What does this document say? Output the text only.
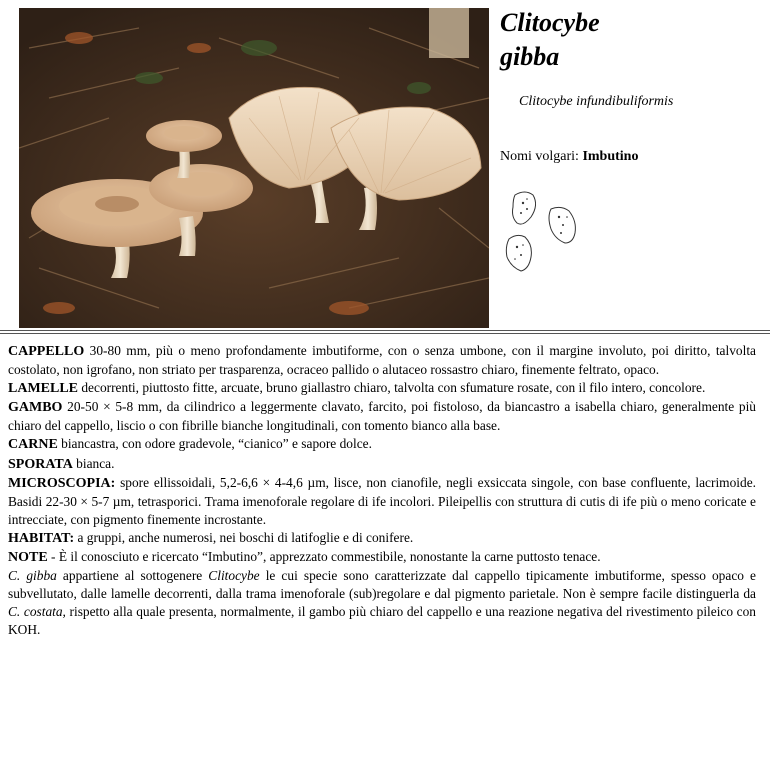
Clitocybe
gibba
Clitocybe infundibuliformis
Nomi volgari: Imbutino

CAPPELLO 30-80 mm, più o meno profondamente imbutiforme, con o senza umbone, con il margine involuto, poi diritto, talvolta costolato, non igrofano, non striato per trasparenza, ocraceo pallido o alutaceo rossastro chiaro, finemente feltrato, opaco.

LAMELLE decorrenti, piuttosto fitte, arcuate, bruno giallastro chiaro, talvolta con sfumature rosate, con il filo intero, concolore.

GAMBO 20-50 × 5-8 mm, da cilindrico a leggermente clavato, farcito, poi fistoloso, da biancastro a isabella chiaro, generalmente più chiaro del cappello, liscio o con fibrille bianche longitudinali, con tomento bianco alla base.

CARNE biancastra, con odore gradevole, “cianico” e sapore dolce.

SPORATA bianca.

MICROSCOPIA: spore ellissoidali, 5,2-6,6 × 4-4,6 µm, lisce, non cianofile, negli exsiccata singole, con base confluente, lacrimoide. Basidi 22-30 × 5-7 µm, tetrasporici. Trama imenoforale regolare di ife incolori. Pileipellis con struttura di cutis di ife più o meno coricate e intrecciate, con pigmento finemente incrostante.

HABITAT: a gruppi, anche numerosi, nei boschi di latifoglie e di conifere.

NOTE - È il conosciuto e ricercato “Imbutino”, apprezzato commestibile, nonostante la carne puttosto tenace.

C. gibba appartiene al sottogenere Clitocybe le cui specie sono caratterizzate dal cappello tipicamente imbutiforme, spesso opaco e subvellutato, dalle lamelle decorrenti, dalla trama imenoforale (sub)regolare e dal pigmento parietale. Non è sempre facile distinguerla da C. costata, rispetto alla quale presenta, normalmente, il gambo più chiaro del cappello e una reazione negativa del rivestimento pileico con KOH.
